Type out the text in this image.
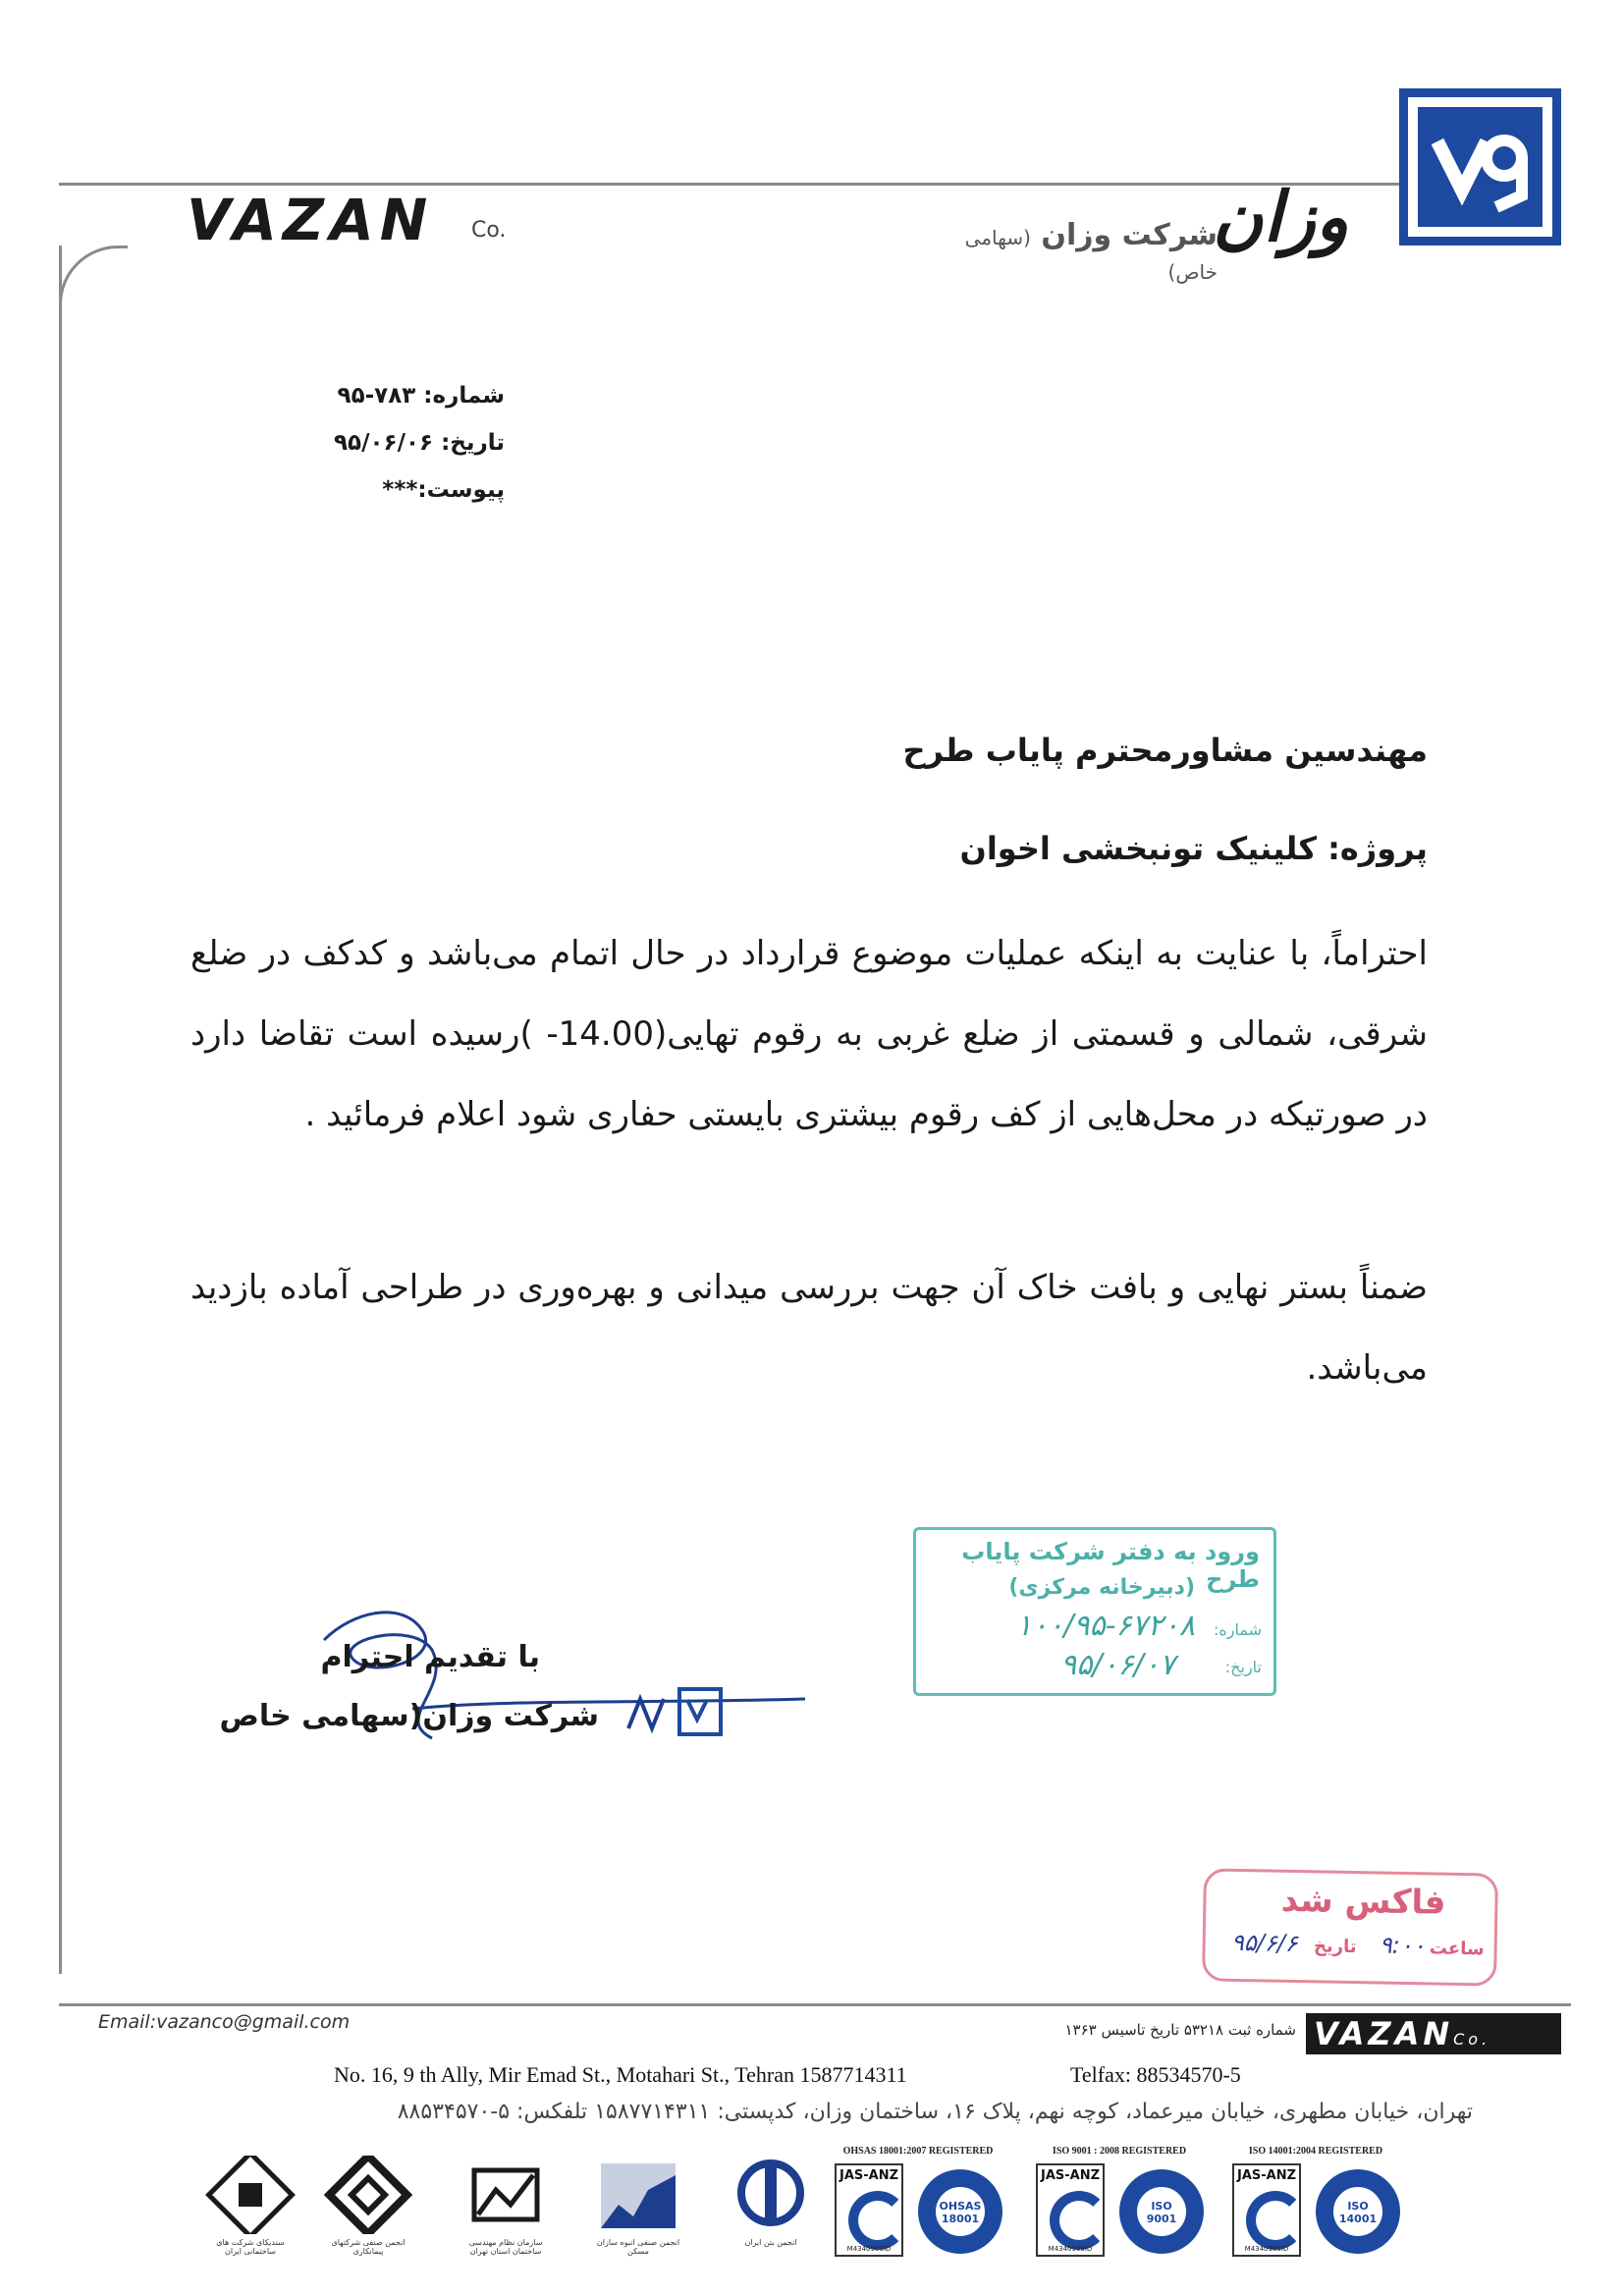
VAZAN Co.	وزان
شرکت وزان (سهامی خاص)
شماره: ۷۸۳-۹۵
تاریخ: ۹۵/۰۶/۰۶
پیوست:***
مهندسین مشاورمحترم پایاب طرح
پروژه: کلینیک تونبخشی اخوان
احتراماً، با عنایت به اینکه عملیات موضوع قرارداد در حال اتمام می‌باشد و کدکف در ضلع شرقی، شمالی و قسمتی از ضلع غربی به رقوم تهایی(14.00- )رسیده است تقاضا دارد در صورتیکه در محل‌هایی از کف رقوم بیشتری بایستی حفاری شود اعلام فرمائید .
ضمناً بستر نهایی و بافت خاک آن جهت بررسی میدانی و بهره‌وری در طراحی آماده بازدید می‌باشد.
ورود به دفتر شرکت پایاب طرح
(دبیرخانه مرکزی)
شماره:
۱۰۰/۹۵-۶۷۲۰۸
تاریخ:
۹۵/۰۶/۰۷
با تقدیم احترام
شرکت وزان(سهامی خاص
فاکس شد
ساعت
۹:۰۰
تاریخ
۹۵/۶/۶
Email:vazanco@gmail.com	شماره ثبت ۵۳۲۱۸ تاریخ تاسیس ۱۳۶۳ VAZANCo.
No. 16, 9 th Ally, Mir Emad St., Motahari St., Tehran 1587714311	Telfax: 88534570-5
تهران، خیابان مطهری، خیابان میرعماد، کوچه نهم، پلاک ۱۶، ساختمان وزان، کدپستی: ۱۵۸۷۷۱۴۳۱۱ تلفکس: ۵-۸۸۵۳۴۵۷۰
سندیکای شرکت های ساختمانی ایران
انجمن صنفی شرکتهای پیمانکاری
سازمان نظام مهندسی ساختمان استان تهران
انجمن صنفی انبوه سازان مسکن
انجمن بتن ایران
OHSAS 18001:2007 REGISTERED
JAS-ANZ
M4340909ID
OHSAS 18001
ISO 9001 : 2008 REGISTERED
JAS-ANZ
M4340909ID
ISO 9001
ISO 14001:2004 REGISTERED
JAS-ANZ
M4340909ID
ISO 14001
